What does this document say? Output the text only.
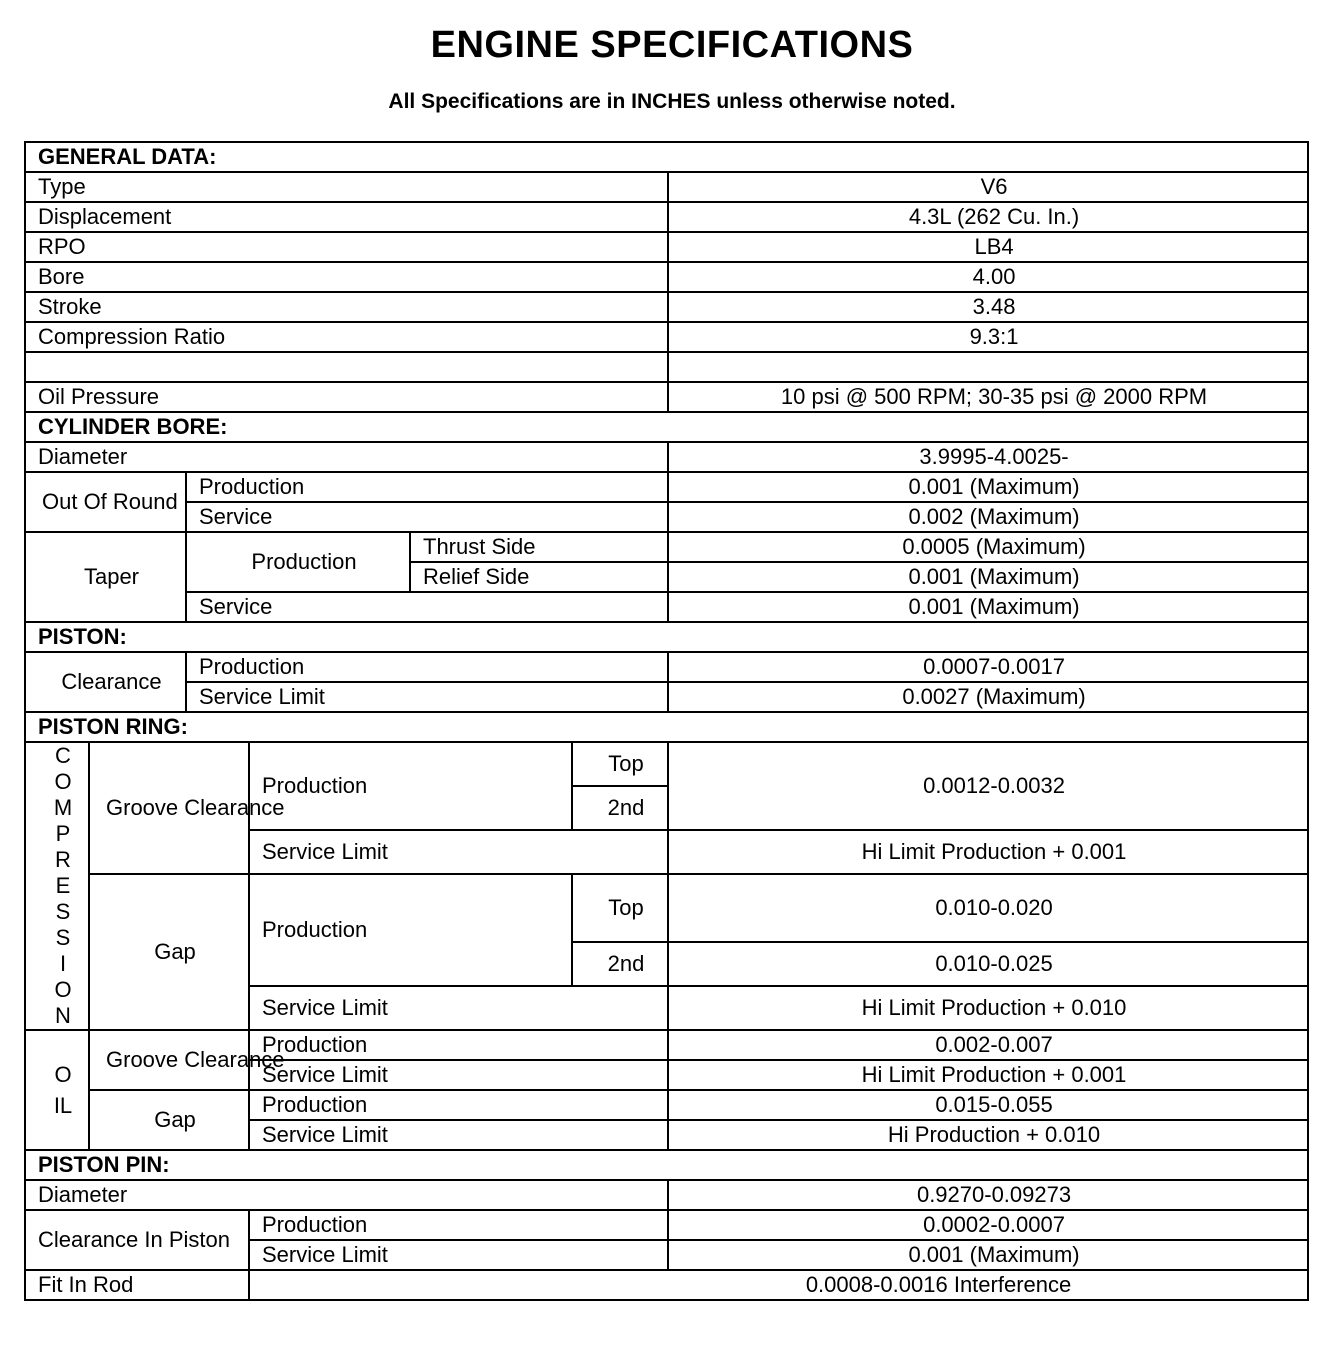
ENGINE SPECIFICATIONS
All Specifications are in INCHES unless otherwise noted.
GENERAL DATA:						
Type						V6
Displacement						4.3L (262 Cu. In.)
RPO						LB4
Bore						4.00
Stroke						3.48
Compression Ratio						9.3:1

Oil Pressure						10 psi @ 500 RPM; 30-35 psi @ 2000 RPM
CYLINDER BORE:						
Diameter						3.9995-4.0025-
Out Of Round		Production				0.001 (Maximum)
		Service				0.002 (Maximum)
Taper		Production		Thrust Side		0.0005 (Maximum)
				Relief Side		0.001 (Maximum)
		Service				0.001 (Maximum)
PISTON:						
Clearance		Production				0.0007-0.0017
		Service Limit				0.0027 (Maximum)
PISTON RING:						

COMPRESSION	Groove Clearance		Production		Top	0.0012-0.0032
					2nd	
			Service Limit			Hi Limit Production + 0.001
	Gap		Production		Top	0.010-0.020
					2nd	0.010-0.025
			Service Limit			Hi Limit Production + 0.010

OIL	Groove Clearance		Production			0.002-0.007
			Service Limit			Hi Limit Production + 0.001
	Gap		Production			0.015-0.055
			Service Limit			Hi Production + 0.010
PISTON PIN:						
Diameter						0.9270-0.09273
Clearance In Piston			Production			0.0002-0.0007
			Service Limit			0.001 (Maximum)
Fit In Rod			0.0008-0.0016 Interference			
